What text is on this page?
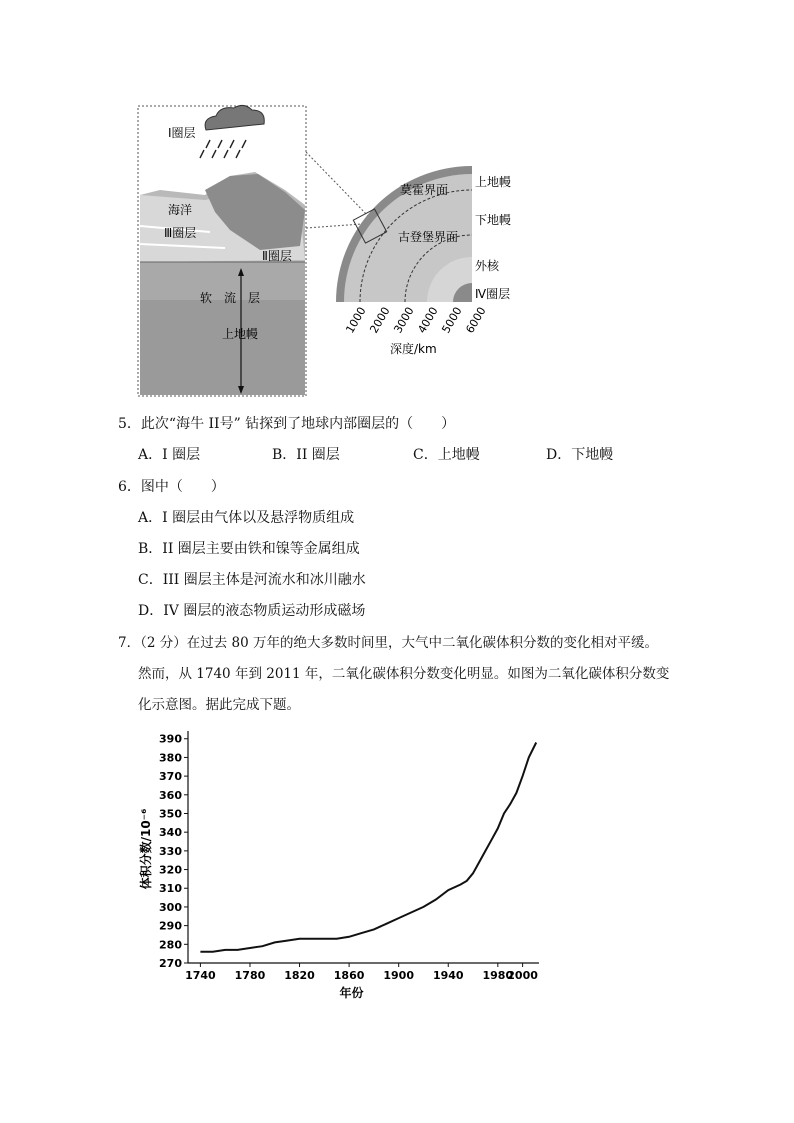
Ⅰ圈层
海洋
Ⅲ圈层
Ⅱ圈层
软　流　层
上地幔
莫霍界面
古登堡界面
上地幔
下地幔
外核
Ⅳ圈层
1000
2000
3000
4000
5000
6000
深度/km
5．此次“海牛 II号” 钻探到了地球内部圈层的（　　）
A．I 圈层	B．II 圈层	C．上地幔	D．下地幔
6．图中（　　）
A．I 圈层由气体以及悬浮物质组成
B．II 圈层主要由铁和镍等金属组成
C．III 圈层主体是河流水和冰川融水
D．IV 圈层的液态物质运动形成磁场
7．（2 分）在过去 80 万年的绝大多数时间里，大气中二氧化碳体积分数的变化相对平缓。
然而，从 1740 年到 2011 年，二氧化碳体积分数变化明显。如图为二氧化碳体积分数变
化示意图。据此完成下题。
270
280
290
300
310
320
330
340
350
360
370
380
390
1740 1780 1820 1860 1900 1940 1980
2000
年份
体积分数/10⁻⁶
